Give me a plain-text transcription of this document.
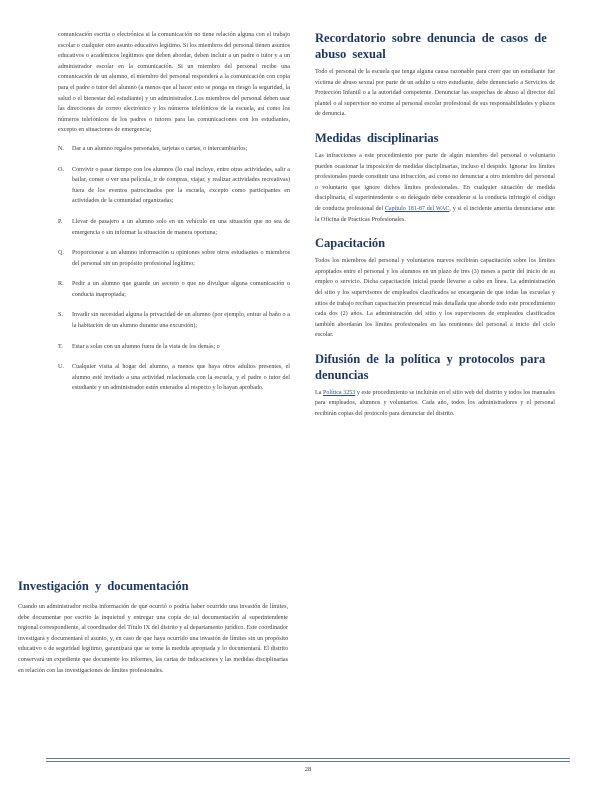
comunicación escrita o electrónica si la comunicación no tiene relación alguna con el trabajo escolar o cualquier otro asunto educativo legítimo. Si los miembros del personal tienen asuntos educativos o académicos legítimos que deben abordar, deben incluir a un padre o tutor y a un administrador escolar en la comunicación. Si un miembro del personal recibe una comunicación de un alumno, el miembro del personal responderá a la comunicación con copia para el padre o tutor del alumno (a menos que al hacer esto se ponga en riesgo la seguridad, la salud o el bienestar del estudiante) y un administrador. Los miembros del personal deben usar las direcciones de correo electrónico y los números telefónicos de la escuela, así como los números telefónicos de los padres o tutores para las comunicaciones con los estudiantes, excepto en situaciones de emergencia;

N. Dar a un alumno regalos personales, tarjetas o cartas, o intercambiarlos;

O. Convivir o pasar tiempo con los alumnos (lo cual incluye, entre otras actividades, salir a bailar, comer o ver una película, ir de compras, viajar, y realizar actividades recreativas) fuera de los eventos patrocinados por la escuela, excepto como participantes en actividades de la comunidad organizadas;

P. Llevar de pasajero a un alumno solo en un vehículo en una situación que no sea de emergencia o sin informar la situación de manera oportuna;

Q. Proporcionar a un alumno información u opiniones sobre otros estudiantes o miembros del personal sin un propósito profesional legítimo;

R. Pedir a un alumno que guarde un secreto o que no divulgue alguna comunicación o conducta inapropiada;

S. Invadir sin necesidad alguna la privacidad de un alumno (por ejemplo, entrar al baño o a la habitación de un alumno durante una excursión);

T. Estar a solas con un alumno fuera de la vista de los demás; o

U. Cualquier visita al hogar del alumno, a menos que haya otros adultos presentes, el alumno esté invitado a una actividad relacionada con la escuela, y el padre o tutor del estudiante y un administrador estén enterados al respecto y lo hayan aprobado.

Investigación y documentación

Cuando un administrador reciba información de que ocurrió o podría haber ocurrido una invasión de límites, debe documentar por escrito la inquietud y entregar una copia de tal documentación al superintendente regional correspondiente, al coordinador del Título IX del distrito y al departamento jurídico. Este coordinador investigará y documentará el asunto, y, en caso de que haya ocurrido una invasión de límites sin un propósito educativo o de seguridad legítimo, garantizará que se tome la medida apropiada y lo documentará. El distrito conservará un expediente que documente los informes, las cartas de indicaciones y las medidas disciplinarias en relación con las investigaciones de límites profesionales.

Recordatorio sobre denuncia de casos de abuso sexual

Todo el personal de la escuela que tenga alguna causa razonable para creer que un estudiante fue víctima de abuso sexual por parte de un adulto u otro estudiante, debe denunciarlo a Servicios de Protección Infantil o a la autoridad competente. Denunciar las sospechas de abuso al director del plantel o al supervisor no exime al personal escolar profesional de sus responsabilidades y plazos de denuncia.

Medidas disciplinarias

Las infracciones a este procedimiento por parte de algún miembro del personal o voluntario pueden ocasionar la imposición de medidas disciplinarias, incluso el despido. Ignorar los límites profesionales puede constituir una infracción, así como no denunciar a otro miembro del personal o voluntario que ignore dichos límites profesionales. En cualquier situación de medida disciplinaria, el superintendente o su delegado debe considerar si la conducta infringió el código de conducta profesional del Capítulo 181-87 del WAC, y si el incidente amerita denunciarse ante la Oficina de Prácticas Profesionales.

Capacitación

Todos los miembros del personal y voluntarios nuevos recibirán capacitación sobre los límites apropiados entre el personal y los alumnos en un plazo de tres (3) meses a partir del inicio de su empleo o servicio. Dicha capacitación inicial puede llevarse a cabo en línea. La administración del sitio y los supervisores de empleados clasificados se encargarán de que todas las escuelas y sitios de trabajo reciban capacitación presencial más detallada que aborde todo este procedimiento cada dos (2) años. La administración del sitio y los supervisores de empleados clasificados también abordarán los límites profesionales en las reuniones del personal a inicio del ciclo escolar.

Difusión de la política y protocolos para denuncias

La Política 3253 y este procedimiento se incluirán en el sitio web del distrito y todos los manuales para empleados, alumnos y voluntarios. Cada año, todos los administradores y el personal recibirán copias del protocolo para denunciar del distrito.

28
